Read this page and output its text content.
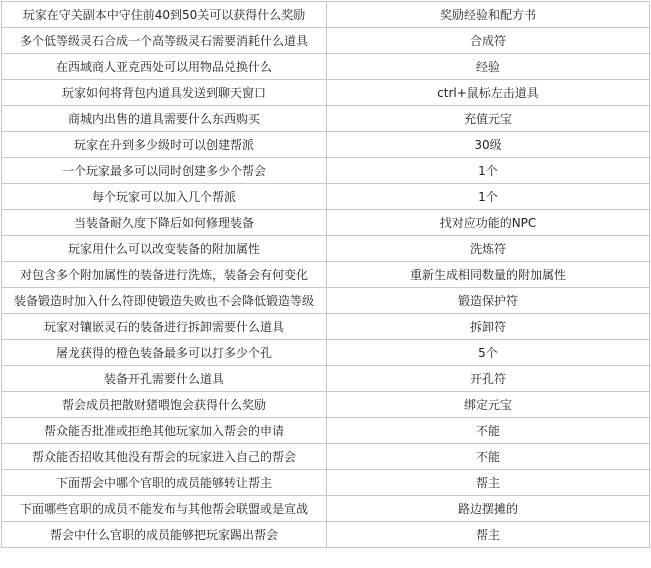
玩家在守关副本中守住前40到50关可以获得什么奖励	奖励经验和配方书
多个低等级灵石合成一个高等级灵石需要消耗什么道具	合成符
在西域商人亚克西处可以用物品兑换什么	经验
玩家如何将背包内道具发送到聊天窗口	ctrl+鼠标左击道具
商城内出售的道具需要什么东西购买	充值元宝
玩家在升到多少级时可以创建帮派	30级
一个玩家最多可以同时创建多少个帮会	1个
每个玩家可以加入几个帮派	1个
当装备耐久度下降后如何修理装备	找对应功能的NPC
玩家用什么可以改变装备的附加属性	洗炼符
对包含多个附加属性的装备进行洗炼，装备会有何变化	重新生成相同数量的附加属性
装备锻造时加入什么符即使锻造失败也不会降低锻造等级	锻造保护符
玩家对镶嵌灵石的装备进行拆卸需要什么道具	拆卸符
屠龙获得的橙色装备最多可以打多少个孔	5个
装备开孔需要什么道具	开孔符
帮会成员把散财猪喂饱会获得什么奖励	绑定元宝
帮众能否批准或拒绝其他玩家加入帮会的申请	不能
帮众能否招收其他没有帮会的玩家进入自己的帮会	不能
下面帮会中哪个官职的成员能够转让帮主	帮主
下面哪些官职的成员不能发布与其他帮会联盟或是宣战	路边摆摊的
帮会中什么官职的成员能够把玩家踢出帮会	帮主
